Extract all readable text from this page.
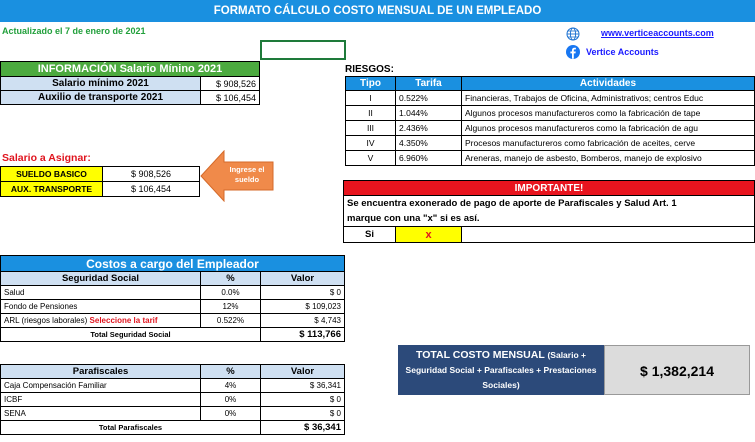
FORMATO CÁLCULO COSTO MENSUAL DE UN EMPLEADO
Actualizado el 7 de enero de 2021	www.verticeaccounts.com
Vertice Accounts
INFORMACIÓN Salario Mínino 2021	
Salario mínimo 2021	$ 908,526
Auxilio de transporte 2021	$ 106,454
RIESGOS:
Tipo	Tarifa	Actividades
I	0.522%	Financieras, Trabajos de Oficina, Administrativos; centros Educ
II	1.044%	Algunos procesos manufactureros como la fabricación de tape
III	2.436%	Algunos procesos manufactureros como la fabricación de agu
IV	4.350%	Procesos manufactureros como fabricación de aceites, cerve
V	6.960%	Areneras, manejo de asbesto, Bomberos, manejo de explosivo
Salario a Asignar:
SUELDO BASICO	$ 908,526
AUX. TRANSPORTE	$ 106,454
Ingrese el sueldo
IMPORTANTE!
Se encuentra exonerado de pago de aporte de Parafiscales y Salud Art. 1
marque con una "x" si es así.
Si	x	
Costos a cargo del Empleador		
Seguridad Social	%	Valor
Salud	0.0%	$ 0
Fondo de Pensiones	12%	$ 109,023
ARL (riesgos laborales) Seleccione la tarif	0.522%	$ 4,743
Total Seguridad Social		$ 113,766
Parafiscales	%	Valor
Caja Compensación Familiar	4%	$ 36,341
ICBF	0%	$ 0
SENA	0%	$ 0
Total Parafiscales		$ 36,341
TOTAL COSTO MENSUAL (Salario + Seguridad Social + Parafiscales + Prestaciones Sociales)
$ 1,382,214
